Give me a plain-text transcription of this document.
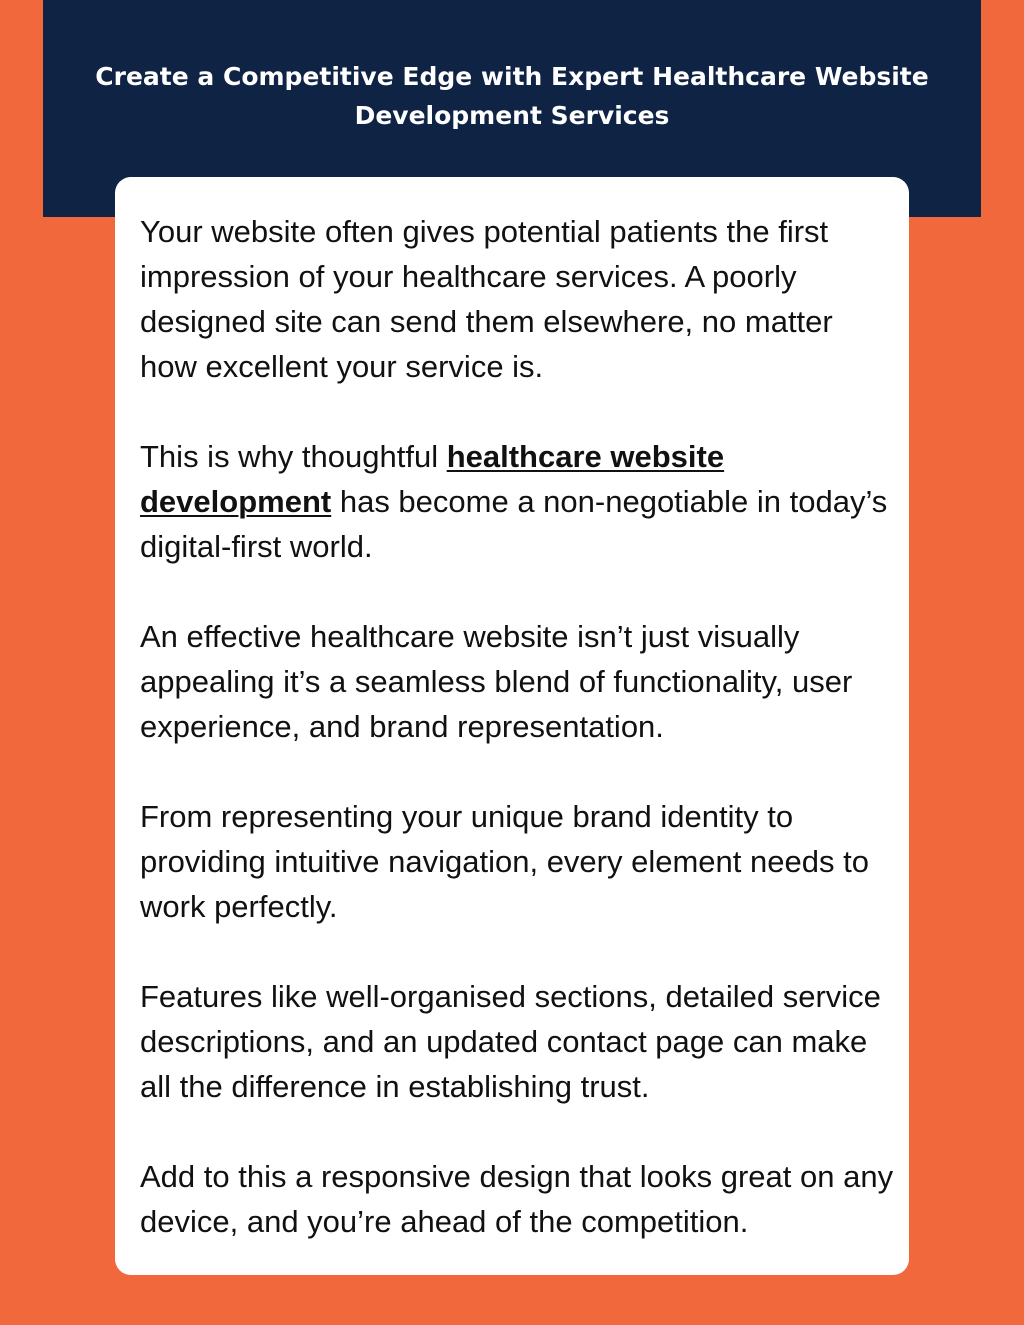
Create a Competitive Edge with Expert Healthcare Website
Development Services

Your website often gives potential patients the first impression of your healthcare services. A poorly designed site can send them elsewhere, no matter how excellent your service is.

This is why thoughtful healthcare website development has become a non-negotiable in today’s digital-first world.

An effective healthcare website isn’t just visually appealing it’s a seamless blend of functionality, user experience, and brand representation.

From representing your unique brand identity to providing intuitive navigation, every element needs to work perfectly.

Features like well-organised sections, detailed service descriptions, and an updated contact page can make all the difference in establishing trust.

Add to this a responsive design that looks great on any device, and you’re ahead of the competition.
